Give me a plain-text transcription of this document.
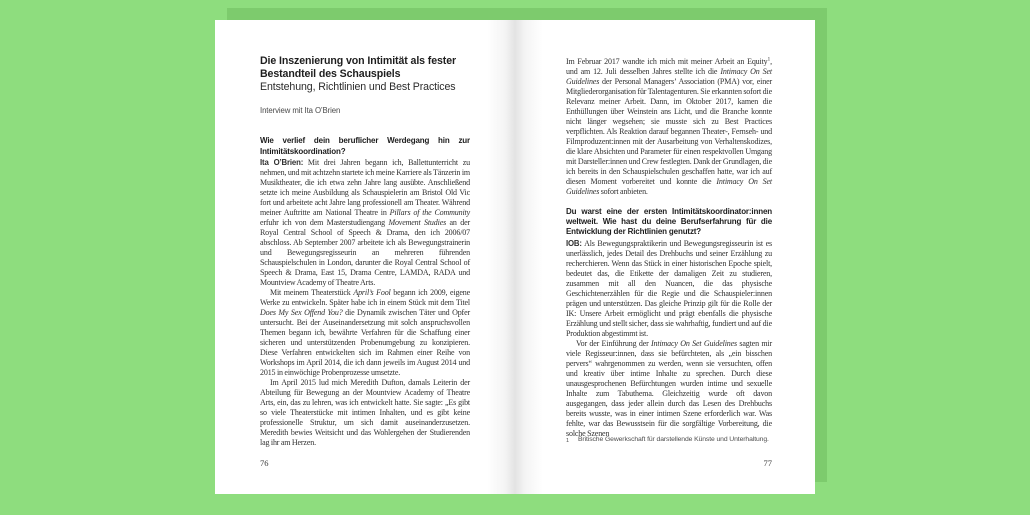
Die Inszenierung von Intimität als fester
Bestandteil des Schauspiels
Entstehung, Richtlinien und Best Practices
Interview mit Ita O’Brien
Wie verlief dein beruflicher Werdegang hin zur Intimitätskoordination?

Ita O’Brien: Mit drei Jahren begann ich, Ballettunterricht zu nehmen, und mit achtzehn startete ich meine Karriere als Tänzerin im Musiktheater, die ich etwa zehn Jahre lang ausübte. Anschließend setzte ich meine Ausbildung als Schauspielerin am Bristol Old Vic fort und arbeitete acht Jahre lang professionell am Theater. Während meiner Auftritte am National Theatre in Pillars of the Community erfuhr ich von dem Masterstudiengang Movement Studies an der Royal Central School of Speech & Drama, den ich 2006/07 abschloss. Ab September 2007 arbeitete ich als Bewegungstrainerin und Bewegungsregisseurin an mehreren führenden Schauspielschulen in London, darunter die Royal Central School of Speech & Drama, East 15, Drama Centre, LAMDA, RADA und Mountview Academy of Theatre Arts.

Mit meinem Theaterstück April’s Fool begann ich 2009, eigene Werke zu entwickeln. Später habe ich in einem Stück mit dem Titel Does My Sex Offend You? die Dynamik zwischen Täter und Opfer untersucht. Bei der Auseinandersetzung mit solch anspruchsvollen Themen begann ich, bewährte Verfahren für die Schaffung einer sicheren und unterstützenden Probenumgebung zu konzipieren. Diese Verfahren entwickelten sich im Rahmen einer Reihe von Workshops im April 2014, die ich dann jeweils im August 2014 und 2015 in einwöchige Probenprozesse umsetzte.

Im April 2015 lud mich Meredith Dufton, damals Leiterin der Abteilung für Bewegung an der Mountview Academy of Theatre Arts, ein, das zu lehren, was ich entwickelt hatte. Sie sagte: „Es gibt so viele Theaterstücke mit intimen Inhalten, und es gibt keine professionelle Struktur, um sich damit auseinanderzusetzen. Meredith bewies Weitsicht und das Wohlergehen der Studierenden lag ihr am Herzen.

76

Im Februar 2017 wandte ich mich mit meiner Arbeit an Equity$^1$, und am 12. Juli desselben Jahres stellte ich die Intimacy On Set Guidelines der Personal Managers’ Association (PMA) vor, einer Mitgliederorganisation für Talentagenturen. Sie erkannten sofort die Relevanz meiner Arbeit. Dann, im Oktober 2017, kamen die Enthüllungen über Weinstein ans Licht, und die Branche konnte nicht länger wegsehen; sie musste sich zu Best Practices verpflichten. Als Reaktion darauf begannen Theater-, Fernseh- und Filmproduzent:innen mit der Ausarbeitung von Verhaltenskodizes, die klare Absichten und Parameter für einen respektvollen Umgang mit Darsteller:innen und Crew festlegten. Dank der Grundlagen, die ich bereits in den Schauspielschulen geschaffen hatte, war ich auf diesen Moment vorbereitet und konnte die Intimacy On Set Guidelines sofort anbieten.

Du warst eine der ersten Intimitätskoordinator:innen weltweit. Wie hast du deine Berufserfahrung für die Entwicklung der Richtlinien genutzt?

IOB: Als Bewegungspraktikerin und Bewegungsregisseurin ist es unerlässlich, jedes Detail des Drehbuchs und seiner Erzählung zu recherchieren. Wenn das Stück in einer historischen Epoche spielt, bedeutet das, die Etikette der damaligen Zeit zu studieren, zusammen mit all den Nuancen, die das physische Geschichtenerzählen für die Regie und die Schauspieler:innen prägen und unterstützen. Das gleiche Prinzip gilt für die Rolle der IK: Unsere Arbeit ermöglicht und prägt ebenfalls die physische Erzählung und stellt sicher, dass sie wahrhaftig, fundiert und auf die Produktion abgestimmt ist.

Vor der Einführung der Intimacy On Set Guidelines sagten mir viele Regisseur:innen, dass sie befürchteten, als „ein bisschen pervers“ wahrgenommen zu werden, wenn sie versuchten, offen und kreativ über intime Inhalte zu sprechen. Durch diese unausgesprochenen Befürchtungen wurden intime und sexuelle Inhalte zum Tabuthema. Gleichzeitig wurde oft davon ausgegangen, dass jeder allein durch das Lesen des Drehbuchs bereits wusste, was in einer intimen Szene erforderlich war. Was fehlte, war das Bewusstsein für die sorgfältige Vorbereitung, die solche Szenen

1	Britische Gewerkschaft für darstellende Künste und Unterhaltung.
77
